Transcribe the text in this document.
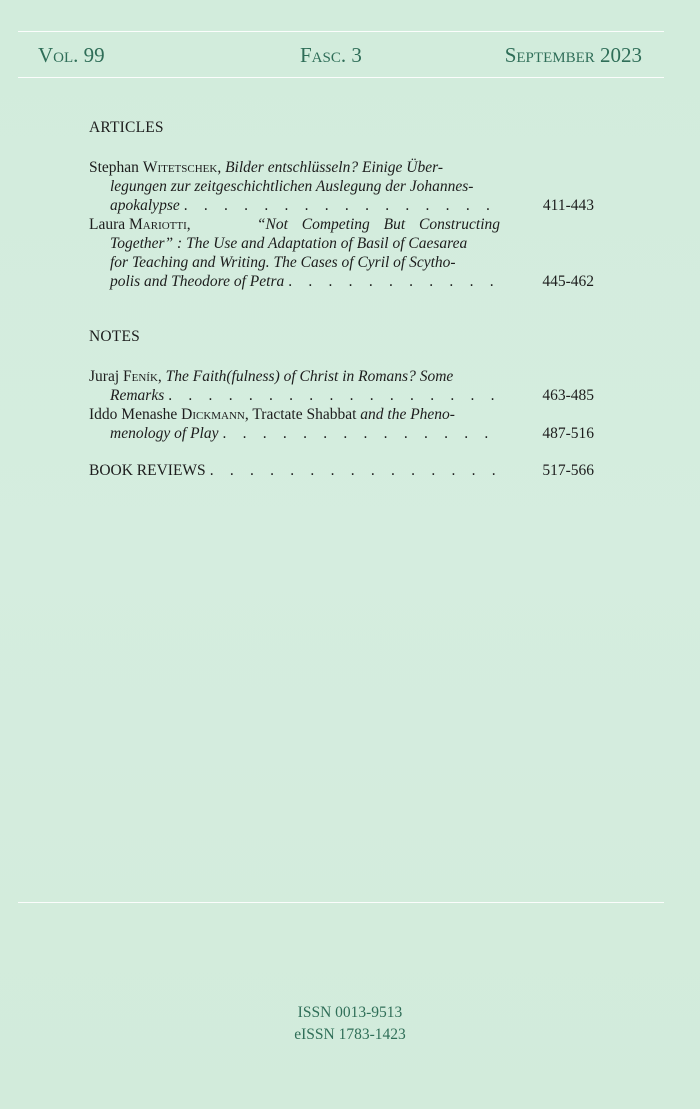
Vol. 99	Fasc. 3	September 2023
ARTICLES
Stephan Witetschek, Bilder entschlüsseln? Einige Über-
legungen zur zeitgeschichtlichen Auslegung der Johannes-
apokalypse . . .	411-443
Laura Mariotti,	“Not Competing But Constructing
Together” : The Use and Adaptation of Basil of Caesarea
for Teaching and Writing. The Cases of Cyril of Scytho-
polis and Theodore of Petra . . .	445-462
NOTES
Juraj Feník, The Faith(fulness) of Christ in Romans? Some
Remarks . . .	463-485
Iddo Menashe Dickmann, Tractate Shabbat and the Pheno-
menology of Play . . .	487-516
BOOK REVIEWS . . .	517-566
ISSN 0013-9513
eISSN 1783-1423
